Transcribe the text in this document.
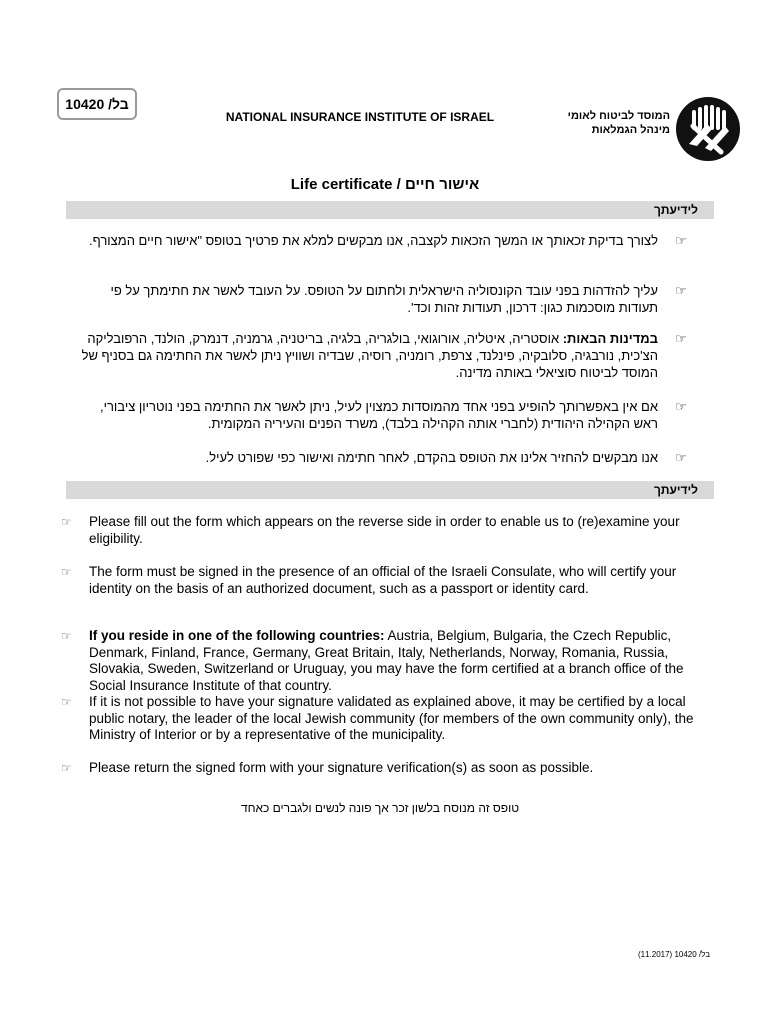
בל/ 10420
NATIONAL INSURANCE INSTITUTE OF ISRAEL	המוסד לביטוח לאומי
מינהל הגמלאות
Life certificate / אישור חיים
לידיעתך
לצורך בדיקת זכאותך או המשך הזכאות לקצבה, אנו מבקשים למלא את פרטיך בטופס "אישור חיים המצורף. ☞
עליך להזדהות בפני עובד הקונסוליה הישראלית ולחתום על הטופס. על העובד לאשר את חתימתך על פי תעודות מוסכמות כגון: דרכון, תעודות זהות וכד'.
☞
במדינות הבאות: אוסטריה, איטליה, אורוגואי, בולגריה, בלגיה, בריטניה, גרמניה, דנמרק, הולנד, הרפובליקה הצ'כית, נורבגיה, סלובקיה, פינלנד, צרפת, רומניה, רוסיה, שבדיה ושוויץ ניתן לאשר את החתימה גם בסניף של המוסד לביטוח סוציאלי באותה מדינה.
☞
אם אין באפשרותך להופיע בפני אחד מהמוסדות כמצוין לעיל, ניתן לאשר את החתימה בפני נוטריון ציבורי, ראש הקהילה היהודית (לחברי אותה הקהילה בלבד), משרד הפנים והעיריה המקומית.
☞
אנו מבקשים להחזיר אלינו את הטופס בהקדם, לאחר חתימה ואישור כפי שפורט לעיל. ☞
לידיעתך
☞ Please fill out the form which appears on the reverse side in order to enable us to (re)examine your eligibility.
☞ The form must be signed in the presence of an official of the Israeli Consulate, who will certify your identity on the basis of an authorized document, such as a passport or identity card.
☞ If you reside in one of the following countries: Austria, Belgium, Bulgaria, the Czech Republic, Denmark, Finland, France, Germany, Great Britain, Italy, Netherlands, Norway, Romania, Russia, Slovakia, Sweden, Switzerland or Uruguay, you may have the form certified at a branch office of the Social Insurance Institute of that country.
☞ If it is not possible to have your signature validated as explained above, it may be certified by a local public notary, the leader of the local Jewish community (for members of the own community only), the Ministry of Interior or by a representative of the municipality.
☞ Please return the signed form with your signature verification(s) as soon as possible.
טופס זה מנוסח בלשון זכר אך פונה לנשים ולגברים כאחד
בל/ 10420 (11.2017)
